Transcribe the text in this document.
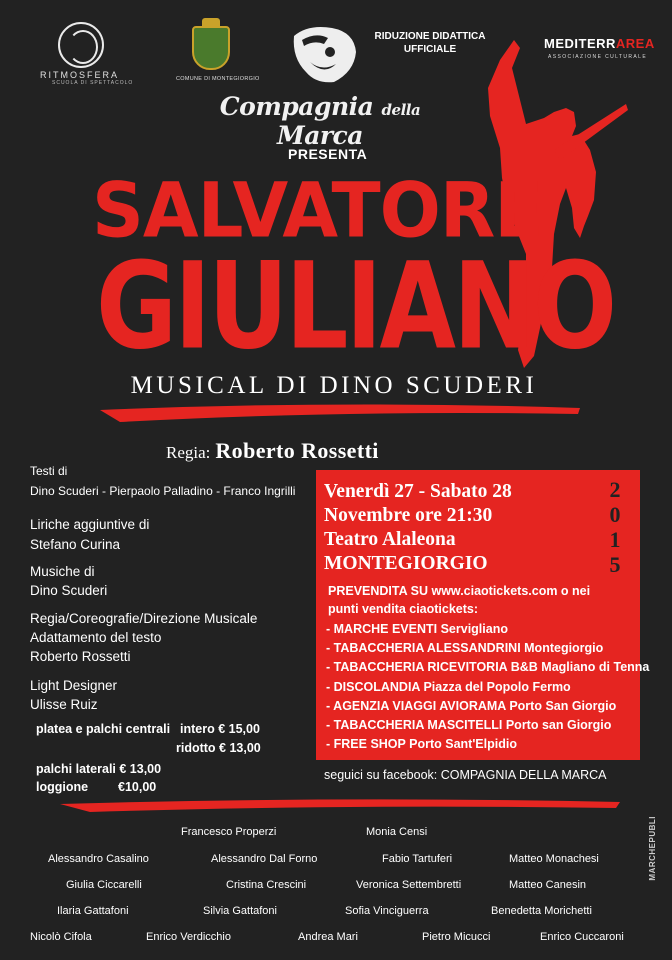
RITMOSFERA
SCUOLA DI SPETTACOLO
COMUNE DI MONTEGIORGIO
RIDUZIONE DIDATTICA UFFICIALE	MEDITERRAREA
ASSOCIAZIONE CULTURALE
Compagnia della Marca
PRESENTA
SALVATORE
GIULIANO
MUSICAL DI DINO SCUDERI
Regia: Roberto Rossetti
Testi di
Dino Scuderi - Pierpaolo Palladino - Franco Ingrilli
Liriche aggiuntive di
Stefano Curina
Musiche di
Dino Scuderi
Regia/Coreografie/Direzione Musicale
Adattamento del testo
Roberto Rossetti
Light Designer
Ulisse Ruiz
platea e palchi centrali intero € 15,00
ridotto € 13,00
palchi laterali € 13,00
loggione €10,00
Venerdì 27 - Sabato 28
Novembre ore 21:30
Teatro Alaleona
MONTEGIORGIO
2
0
1
5
PREVENDITA SU www.ciaotickets.com o nei
punti vendita ciaotickets:
- MARCHE EVENTI Servigliano
- TABACCHERIA ALESSANDRINI Montegiorgio
- TABACCHERIA RICEVITORIA B&B Magliano di Tenna
- DISCOLANDIA Piazza del Popolo Fermo
- AGENZIA VIAGGI AVIORAMA Porto San Giorgio
- TABACCHERIA MASCITELLI Porto san Giorgio
- FREE SHOP Porto Sant'Elpidio
seguici su facebook: COMPAGNIA DELLA MARCA
MARCHEPUBLI
Francesco Properzi	Monia Censi
Alessandro Casalino	Alessandro Dal Forno	Fabio Tartuferi	Matteo Monachesi
Giulia Ciccarelli	Cristina Crescini	Veronica Settembretti	Matteo Canesin
Ilaria Gattafoni	Silvia Gattafoni	Sofia Vinciguerra	Benedetta Morichetti
Nicolò Cifola	Enrico Verdicchio	Andrea Mari	Pietro Micucci	Enrico Cuccaroni
